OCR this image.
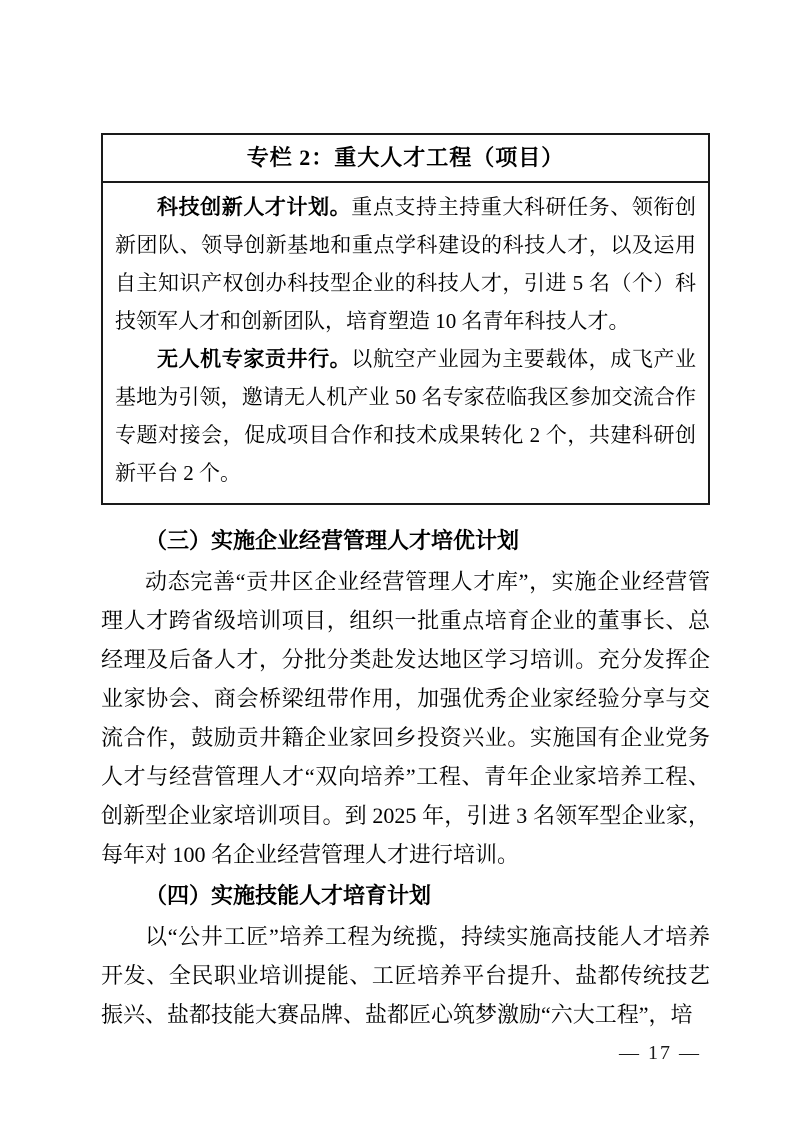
专栏 2：重大人才工程（项目）

科技创新人才计划。重点支持主持重大科研任务、领衔创新团队、领导创新基地和重点学科建设的科技人才，以及运用自主知识产权创办科技型企业的科技人才，引进 5 名（个）科技领军人才和创新团队，培育塑造 10 名青年科技人才。

无人机专家贡井行。以航空产业园为主要载体，成飞产业基地为引领，邀请无人机产业 50 名专家莅临我区参加交流合作专题对接会，促成项目合作和技术成果转化 2 个，共建科研创新平台 2 个。

（三）实施企业经营管理人才培优计划

动态完善“贡井区企业经营管理人才库”，实施企业经营管理人才跨省级培训项目，组织一批重点培育企业的董事长、总经理及后备人才，分批分类赴发达地区学习培训。充分发挥企业家协会、商会桥梁纽带作用，加强优秀企业家经验分享与交流合作，鼓励贡井籍企业家回乡投资兴业。实施国有企业党务人才与经营管理人才“双向培养”工程、青年企业家培养工程、创新型企业家培训项目。到 2025 年，引进 3 名领军型企业家，每年对 100 名企业经营管理人才进行培训。

（四）实施技能人才培育计划

以“公井工匠”培养工程为统揽，持续实施高技能人才培养开发、全民职业培训提能、工匠培养平台提升、盐都传统技艺振兴、盐都技能大赛品牌、盐都匠心筑梦激励“六大工程”，培

— 17 —
